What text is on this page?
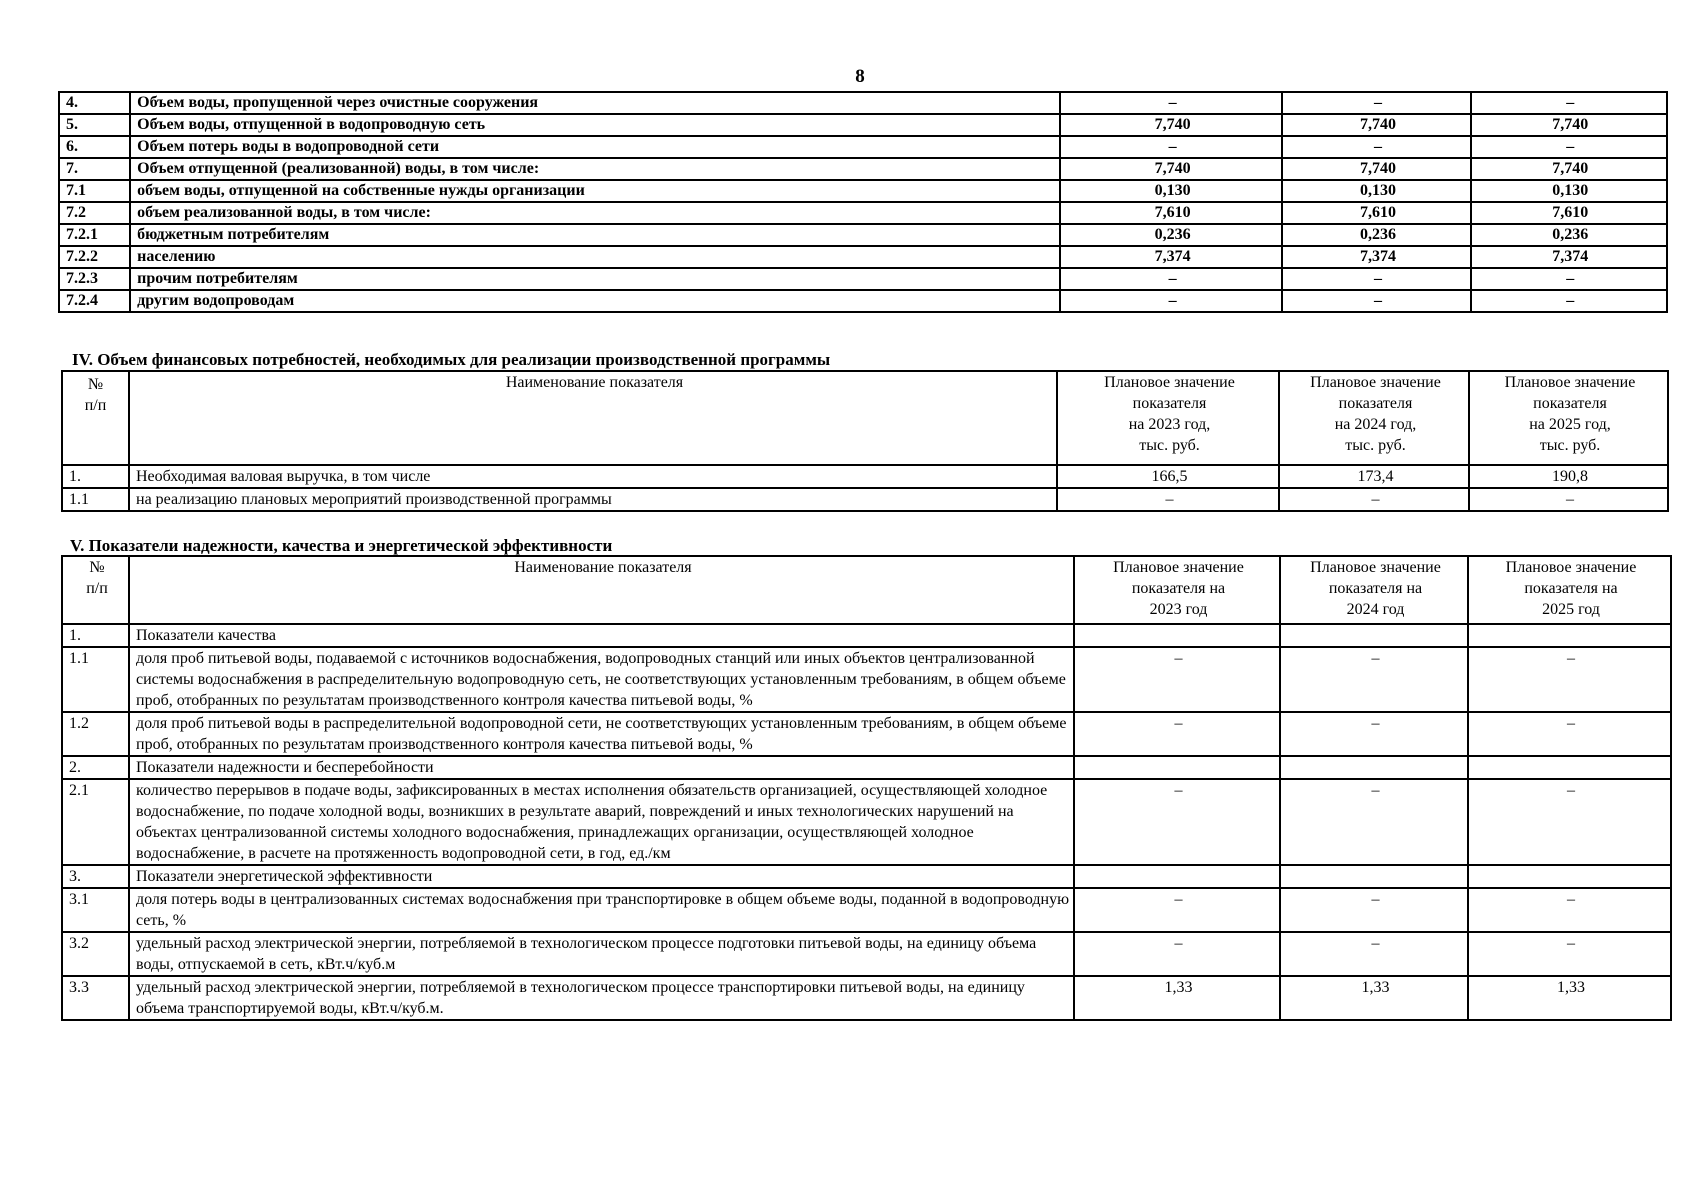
8
4.	Объем воды, пропущенной через очистные сооружения	–	–	–
5.	Объем воды, отпущенной в водопроводную сеть	7,740	7,740	7,740
6.	Объем потерь воды в водопроводной сети	–	–	–
7.	Объем отпущенной (реализованной) воды, в том числе:	7,740	7,740	7,740
7.1	объем воды, отпущенной на собственные нужды организации	0,130	0,130	0,130
7.2	объем реализованной воды, в том числе:	7,610	7,610	7,610
7.2.1	бюджетным потребителям	0,236	0,236	0,236
7.2.2	населению	7,374	7,374	7,374
7.2.3	прочим потребителям	–	–	–
7.2.4	другим водопроводам	–	–	–
IV. Объем финансовых потребностей, необходимых для реализации производственной программы
№
п/п	Наименование показателя	Плановое значение
показателя
на 2023 год,
тыс. руб.	Плановое значение
показателя
на 2024 год,
тыс. руб.	Плановое значение
показателя
на 2025 год,
тыс. руб.
1.	Необходимая валовая выручка, в том числе	166,5	173,4	190,8
1.1	на реализацию плановых мероприятий производственной программы	–	–	–
V. Показатели надежности, качества и энергетической эффективности
№
п/п	Наименование показателя	Плановое значение
показателя на
2023 год	Плановое значение
показателя на
2024 год	Плановое значение
показателя на
2025 год
1.	Показатели качества			
1.1	доля проб питьевой воды, подаваемой с источников водоснабжения, водопроводных станций или иных объектов централизованной системы водоснабжения в распределительную водопроводную сеть, не соответствующих установленным требованиям, в общем объеме проб, отобранных по результатам производственного контроля качества питьевой воды, %	–	–	–
1.2	доля проб питьевой воды в распределительной водопроводной сети, не соответствующих установленным требованиям, в общем объеме проб, отобранных по результатам производственного контроля качества питьевой воды, %	–	–	–
2.	Показатели надежности и бесперебойности			
2.1	количество перерывов в подаче воды, зафиксированных в местах исполнения обязательств организацией, осуществляющей холодное водоснабжение, по подаче холодной воды, возникших в результате аварий, повреждений и иных технологических нарушений на объектах централизованной системы холодного водоснабжения, принадлежащих организации, осуществляющей холодное водоснабжение, в расчете на протяженность водопроводной сети, в год, ед./км	–	–	–
3.	Показатели энергетической эффективности			
3.1	доля потерь воды в централизованных системах водоснабжения при транспортировке в общем объеме воды, поданной в водопроводную сеть, %	–	–	–
3.2	удельный расход электрической энергии, потребляемой в технологическом процессе подготовки питьевой воды, на единицу объема воды, отпускаемой в сеть, кВт.ч/куб.м	–	–	–
3.3	удельный расход электрической энергии, потребляемой в технологическом процессе транспортировки питьевой воды, на единицу объема транспортируемой воды, кВт.ч/куб.м.	1,33	1,33	1,33
